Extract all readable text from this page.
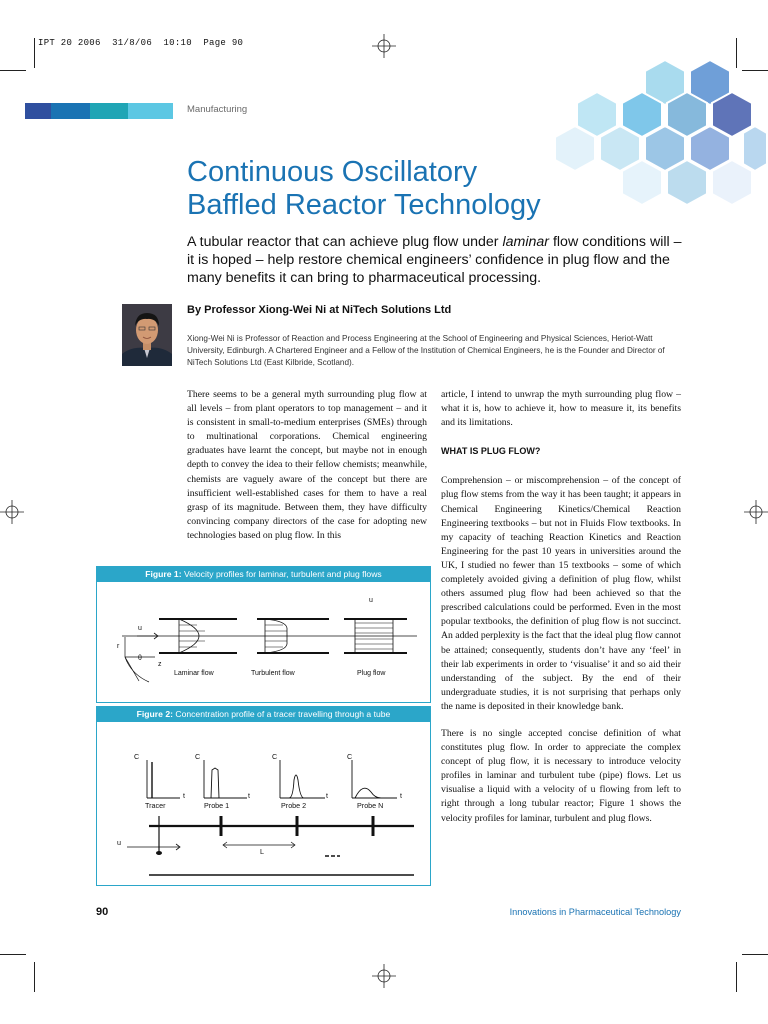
IPT 20 2006  31/8/06  10:10  Page 90
Manufacturing
Continuous Oscillatory
Baffled Reactor Technology
A tubular reactor that can achieve plug flow under laminar flow conditions will – it is hoped – help restore chemical engineers’ confidence in plug flow and the many benefits it can bring to pharmaceutical processing.
By Professor Xiong-Wei Ni at NiTech Solutions Ltd
Xiong-Wei Ni is Professor of Reaction and Process Engineering at the School of Engineering and Physical Sciences, Heriot-Watt University, Edinburgh. A Chartered Engineer and a Fellow of the Institution of Chemical Engineers, he is the Founder and Director of NiTech Solutions Ltd (East Kilbride, Scotland).

There seems to be a general myth surrounding plug flow at all levels – from plant operators to top management – and it is consistent in small-to-medium enterprises (SMEs) through to multinational corporations. Chemical engineering graduates have learnt the concept, but maybe not in enough depth to convey the idea to their fellow chemists; meanwhile, chemists are vaguely aware of the concept but there are insufficient well-established cases for them to have a real grasp of its magnitude. Between them, they have difficulty convincing company directors of the case for adopting new technologies based on plug flow. In this

article, I intend to unwrap the myth surrounding plug flow – what it is, how to achieve it, how to measure it, its benefits and its limitations.

WHAT IS PLUG FLOW?

Comprehension – or miscomprehension – of the concept of plug flow stems from the way it has been taught; it appears in Chemical Engineering Kinetics/Chemical Reaction Engineering textbooks – but not in Fluids Flow textbooks. In my capacity of teaching Reaction Kinetics and Reaction Engineering for the past 10 years in universities around the UK, I studied no fewer than 15 textbooks – some of which completely avoided giving a definition of plug flow, whilst others assumed plug flow had been achieved so that the prescribed calculations could be performed. Even in the most popular textbooks, the definition of plug flow is not succinct. An added perplexity is the fact that the ideal plug flow cannot be attained; consequently, students don’t have any ‘feel’ in their lab experiments in order to ‘visualise’ it and so aid their understanding of the subject. By the end of their undergraduate studies, it is not surprising that perhaps only the name is deposited in their knowledge bank.

There is no single accepted concise definition of what constitutes plug flow. In order to appreciate the complex concept of plug flow, it is necessary to introduce velocity profiles in laminar and turbulent tube (pipe) flows. Let us visualise a liquid with a velocity of u flowing from left to right through a long tubular reactor; Figure 1 shows the velocity profiles for laminar, turbulent and plug flows.

Figure 1: Velocity profiles for laminar, turbulent and plug flows
u
u
r
z
θ
Laminar flow	Turbulent flow	Plug flow
Figure 2: Concentration profile of a tracer travelling through a tube
C	C	C	C
t	t	t	t
Tracer	Probe 1	Probe 2	Probe N
u
L
90	Innovations in Pharmaceutical Technology
